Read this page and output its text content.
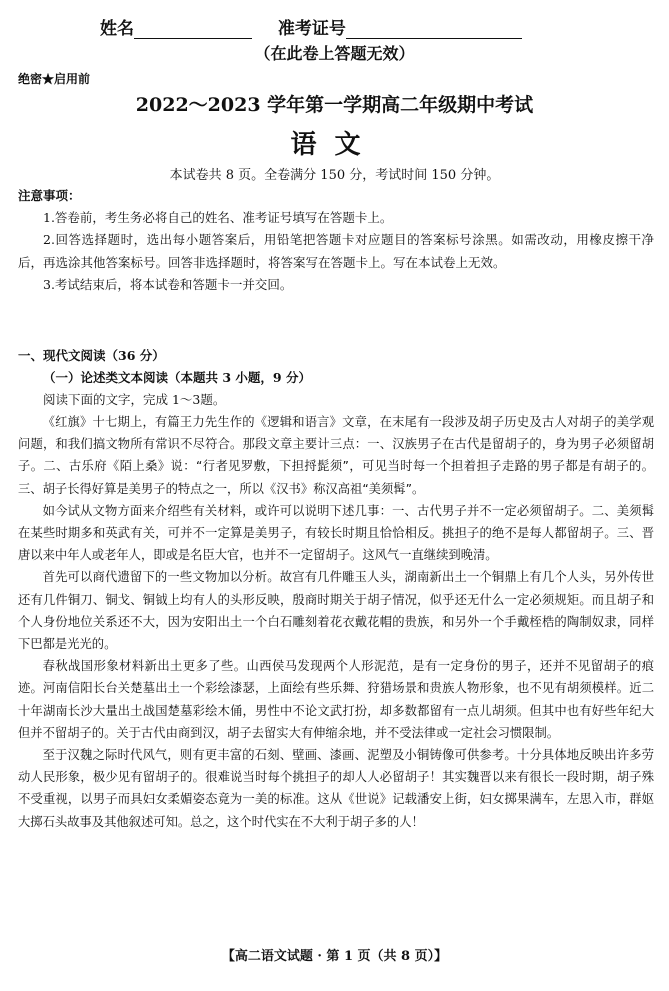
姓名	准考证号
（在此卷上答题无效）
绝密★启用前
2022～2023 学年第一学期高二年级期中考试
语文
本试卷共 8 页。全卷满分 150 分，考试时间 150 分钟。

注意事项：

1.答卷前，考生务必将自己的姓名、准考证号填写在答题卡上。

2.回答选择题时，选出每小题答案后，用铅笔把答题卡对应题目的答案标号涂黑。如需改动，用橡皮擦干净后，再选涂其他答案标号。回答非选择题时，将答案写在答题卡上。写在本试卷上无效。

3.考试结束后，将本试卷和答题卡一并交回。

一、现代文阅读（36 分）

（一）论述类文本阅读（本题共 3 小题，9 分）

阅读下面的文字，完成 1～3题。

《红旗》十七期上，有篇王力先生作的《逻辑和语言》文章，在末尾有一段涉及胡子历史及古人对胡子的美学观问题，和我们搞文物所有常识不尽符合。那段文章主要计三点：一、汉族男子在古代是留胡子的，身为男子必须留胡子。二、古乐府《陌上桑》说：“行者见罗敷，下担捋髭须”，可见当时每一个担着担子走路的男子都是有胡子的。三、胡子长得好算是美男子的特点之一，所以《汉书》称汉高祖“美须髯”。

如今试从文物方面来介绍些有关材料，或许可以说明下述几事：一、古代男子并不一定必须留胡子。二、美须髯在某些时期多和英武有关，可并不一定算是美男子，有较长时期且恰恰相反。挑担子的绝不是每人都留胡子。三、晋唐以来中年人或老年人，即或是名臣大官，也并不一定留胡子。这风气一直继续到晚清。

首先可以商代遗留下的一些文物加以分析。故宫有几件雕玉人头，湖南新出土一个铜鼎上有几个人头，另外传世还有几件铜刀、铜戈、铜钺上均有人的头形反映，殷商时期关于胡子情况，似乎还无什么一定必须规矩。而且胡子和个人身份地位关系还不大，因为安阳出土一个白石雕刻着花衣戴花帽的贵族，和另外一个手戴桎梏的陶制奴隶，同样下巴都是光光的。

春秋战国形象材料新出土更多了些。山西侯马发现两个人形泥范，是有一定身份的男子，还并不见留胡子的痕迹。河南信阳长台关楚墓出土一个彩绘漆瑟，上面绘有些乐舞、狩猎场景和贵族人物形象，也不见有胡须模样。近二十年湖南长沙大量出土战国楚墓彩绘木俑，男性中不论文武打扮，却多数都留有一点儿胡须。但其中也有好些年纪大但并不留胡子的。关于古代由商到汉，胡子去留实大有伸缩余地，并不受法律或一定社会习惯限制。

至于汉魏之际时代风气，则有更丰富的石刻、壁画、漆画、泥塑及小铜铸像可供参考。十分具体地反映出许多劳动人民形象，极少见有留胡子的。很难说当时每个挑担子的却人人必留胡子！其实魏晋以来有很长一段时期，胡子殊不受重视，以男子而具妇女柔媚姿态竟为一美的标准。这从《世说》记载潘安上街，妇女掷果满车，左思入市，群妪大掷石头故事及其他叙述可知。总之，这个时代实在不大利于胡子多的人！

【高二语文试题 · 第 1 页（共 8 页）】
